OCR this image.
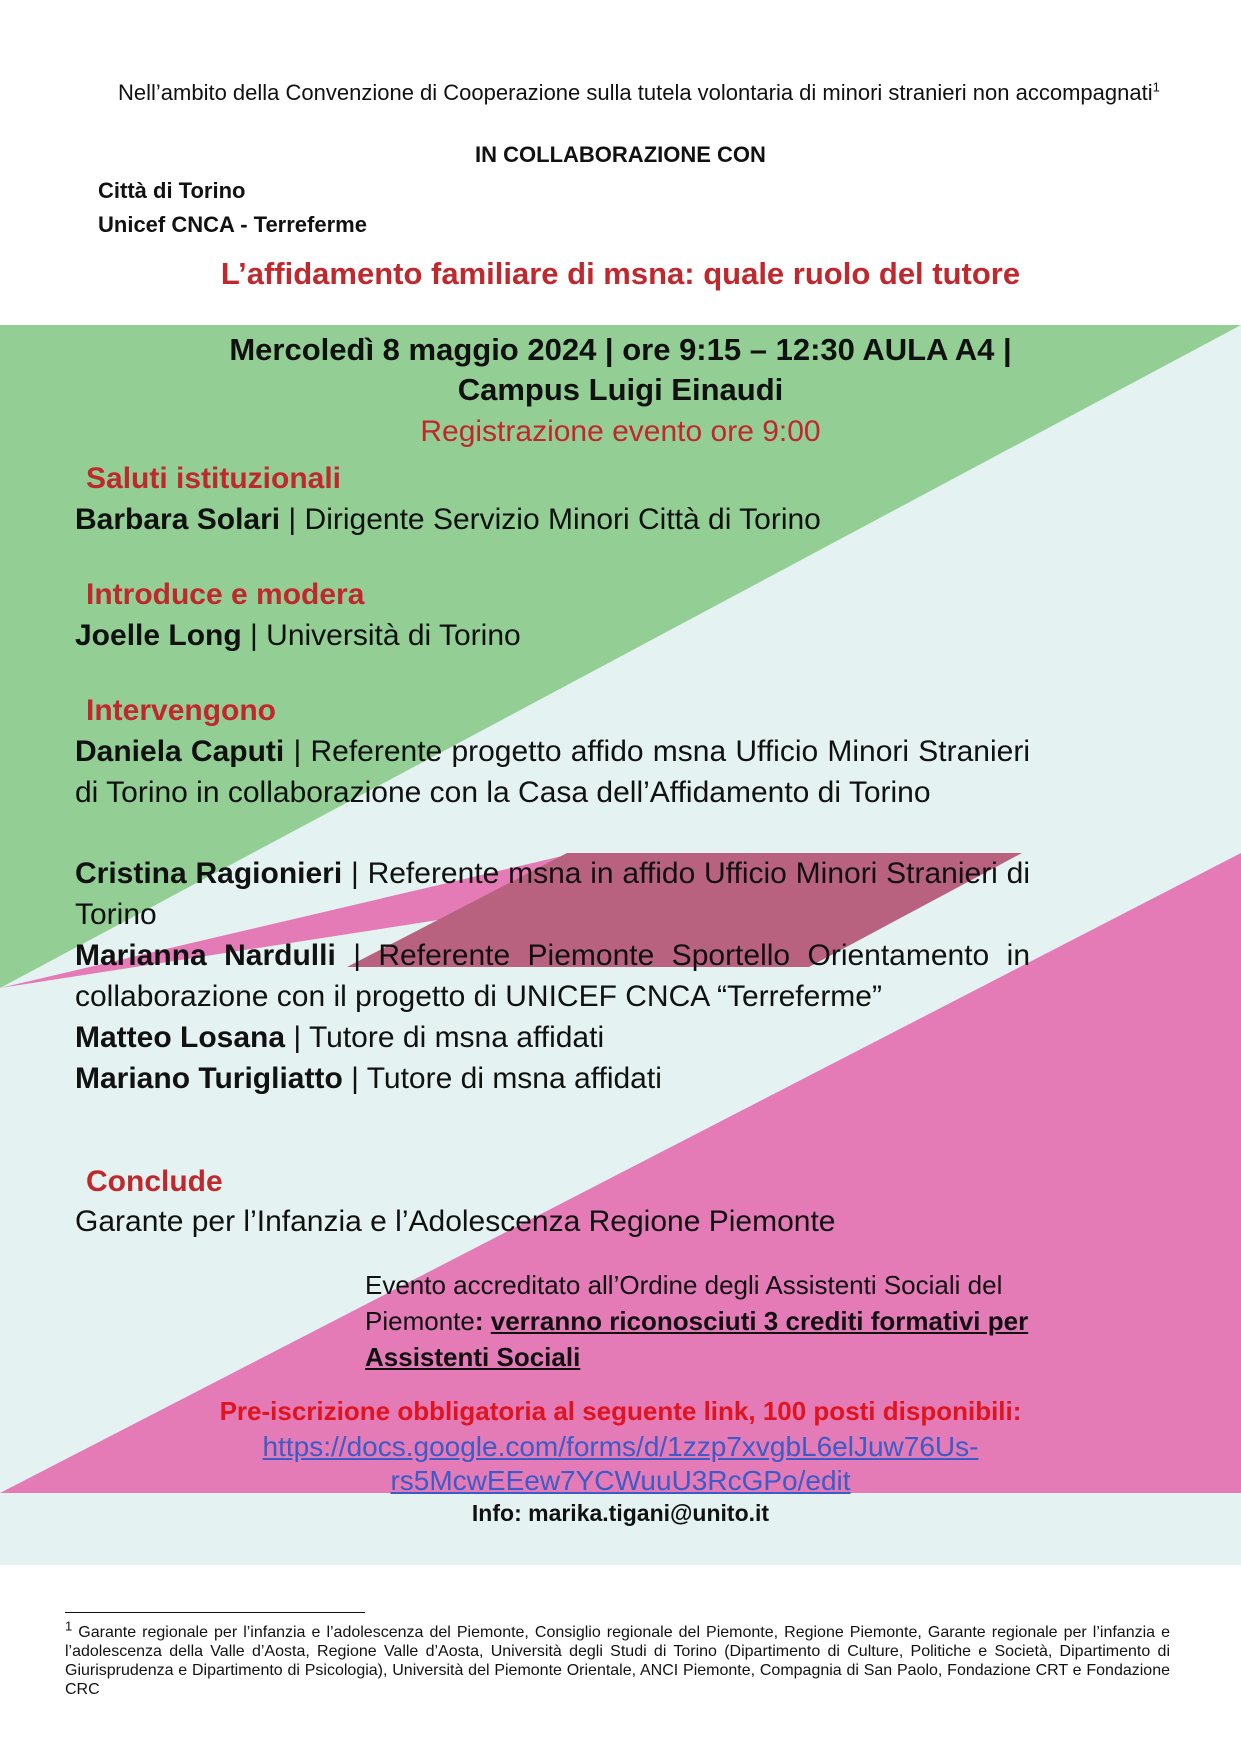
Nell’ambito della Convenzione di Cooperazione sulla tutela volontaria di minori stranieri non accompagnati$^1$
IN COLLABORAZIONE CON
Città di Torino
Unicef CNCA - Terreferme
L’affidamento familiare di msna: quale ruolo del tutore
Mercoledì 8 maggio 2024 | ore 9:15 – 12:30 AULA A4 |
Campus Luigi Einaudi
Registrazione evento ore 9:00
Saluti istituzionali
Barbara Solari | Dirigente Servizio Minori Città di Torino
Introduce e modera
Joelle Long | Università di Torino
Intervengono
Daniela Caputi | Referente progetto affido msna Ufficio Minori Stranieri di Torino in collaborazione con la Casa dell’Affidamento di Torino
Cristina Ragionieri | Referente msna in affido Ufficio Minori Stranieri di Torino
Marianna Nardulli | Referente Piemonte Sportello Orientamento in collaborazione con il progetto di UNICEF CNCA “Terreferme”
Matteo Losana | Tutore di msna affidati
Mariano Turigliatto | Tutore di msna affidati
Conclude
Garante per l’Infanzia e l’Adolescenza Regione Piemonte
Evento accreditato all’Ordine degli Assistenti Sociali del Piemonte: verranno riconosciuti 3 crediti formativi per Assistenti Sociali
Pre-iscrizione obbligatoria al seguente link, 100 posti disponibili:
https://docs.google.com/forms/d/1zzp7xvgbL6elJuw76Us-
rs5McwEEew7YCWuuU3RcGPo/edit
Info: marika.tigani@unito.it
$^1$ Garante regionale per l’infanzia e l’adolescenza del Piemonte, Consiglio regionale del Piemonte, Regione Piemonte, Garante regionale per l’infanzia e l’adolescenza della Valle d’Aosta, Regione Valle d’Aosta, Università degli Studi di Torino (Dipartimento di Culture, Politiche e Società, Dipartimento di Giurisprudenza e Dipartimento di Psicologia), Università del Piemonte Orientale, ANCI Piemonte, Compagnia di San Paolo, Fondazione CRT e Fondazione CRC
